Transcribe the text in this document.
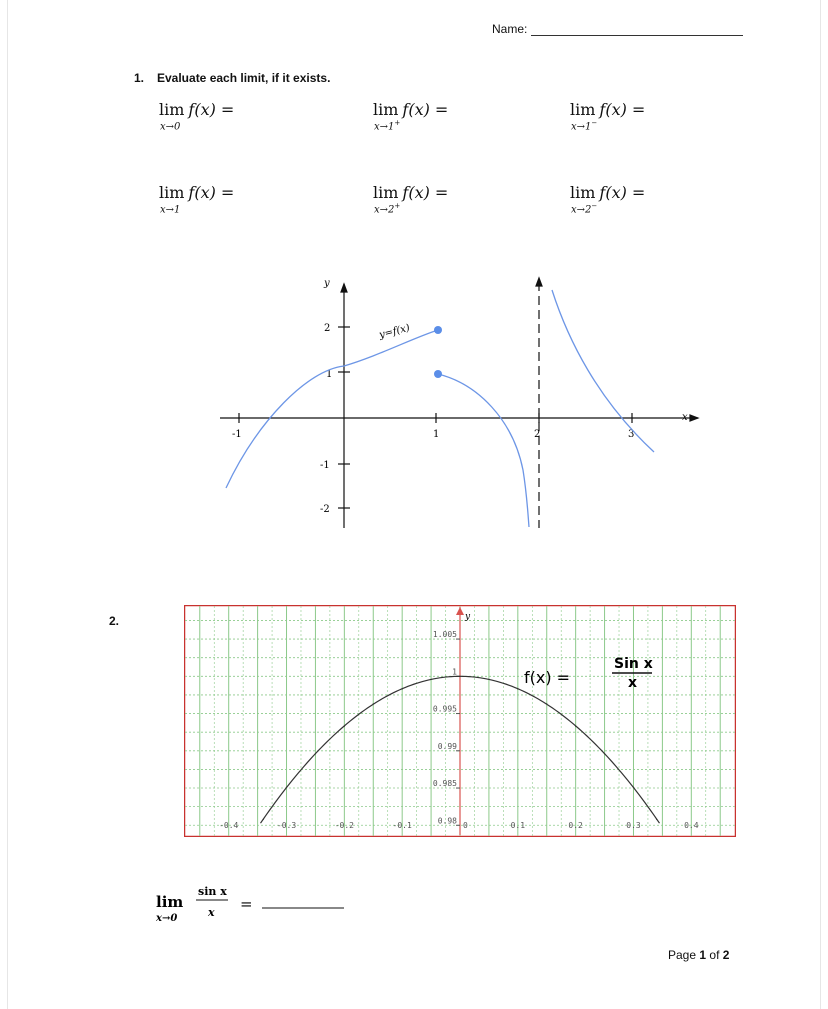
Name:
1. Evaluate each limit, if it exists.
lim f(x) =
x→0
lim f(x) =
x→1+
lim f(x) =
x→1−
lim f(x) =
x→1
lim f(x) =
x→2+
lim f(x) =
x→2−
-1	1	2	3
2
1
-1
-2
y
x
y=f(x)
2.	y
1.005
1
0.995
0.99
0.985
0.98
0
-0.4	-0.3	-0.2	-0.1	0.1	0.2	0.3	0.4
f(x) =
Sin x
x
lim
x→0
sin x
x =
Page 1 of 2
